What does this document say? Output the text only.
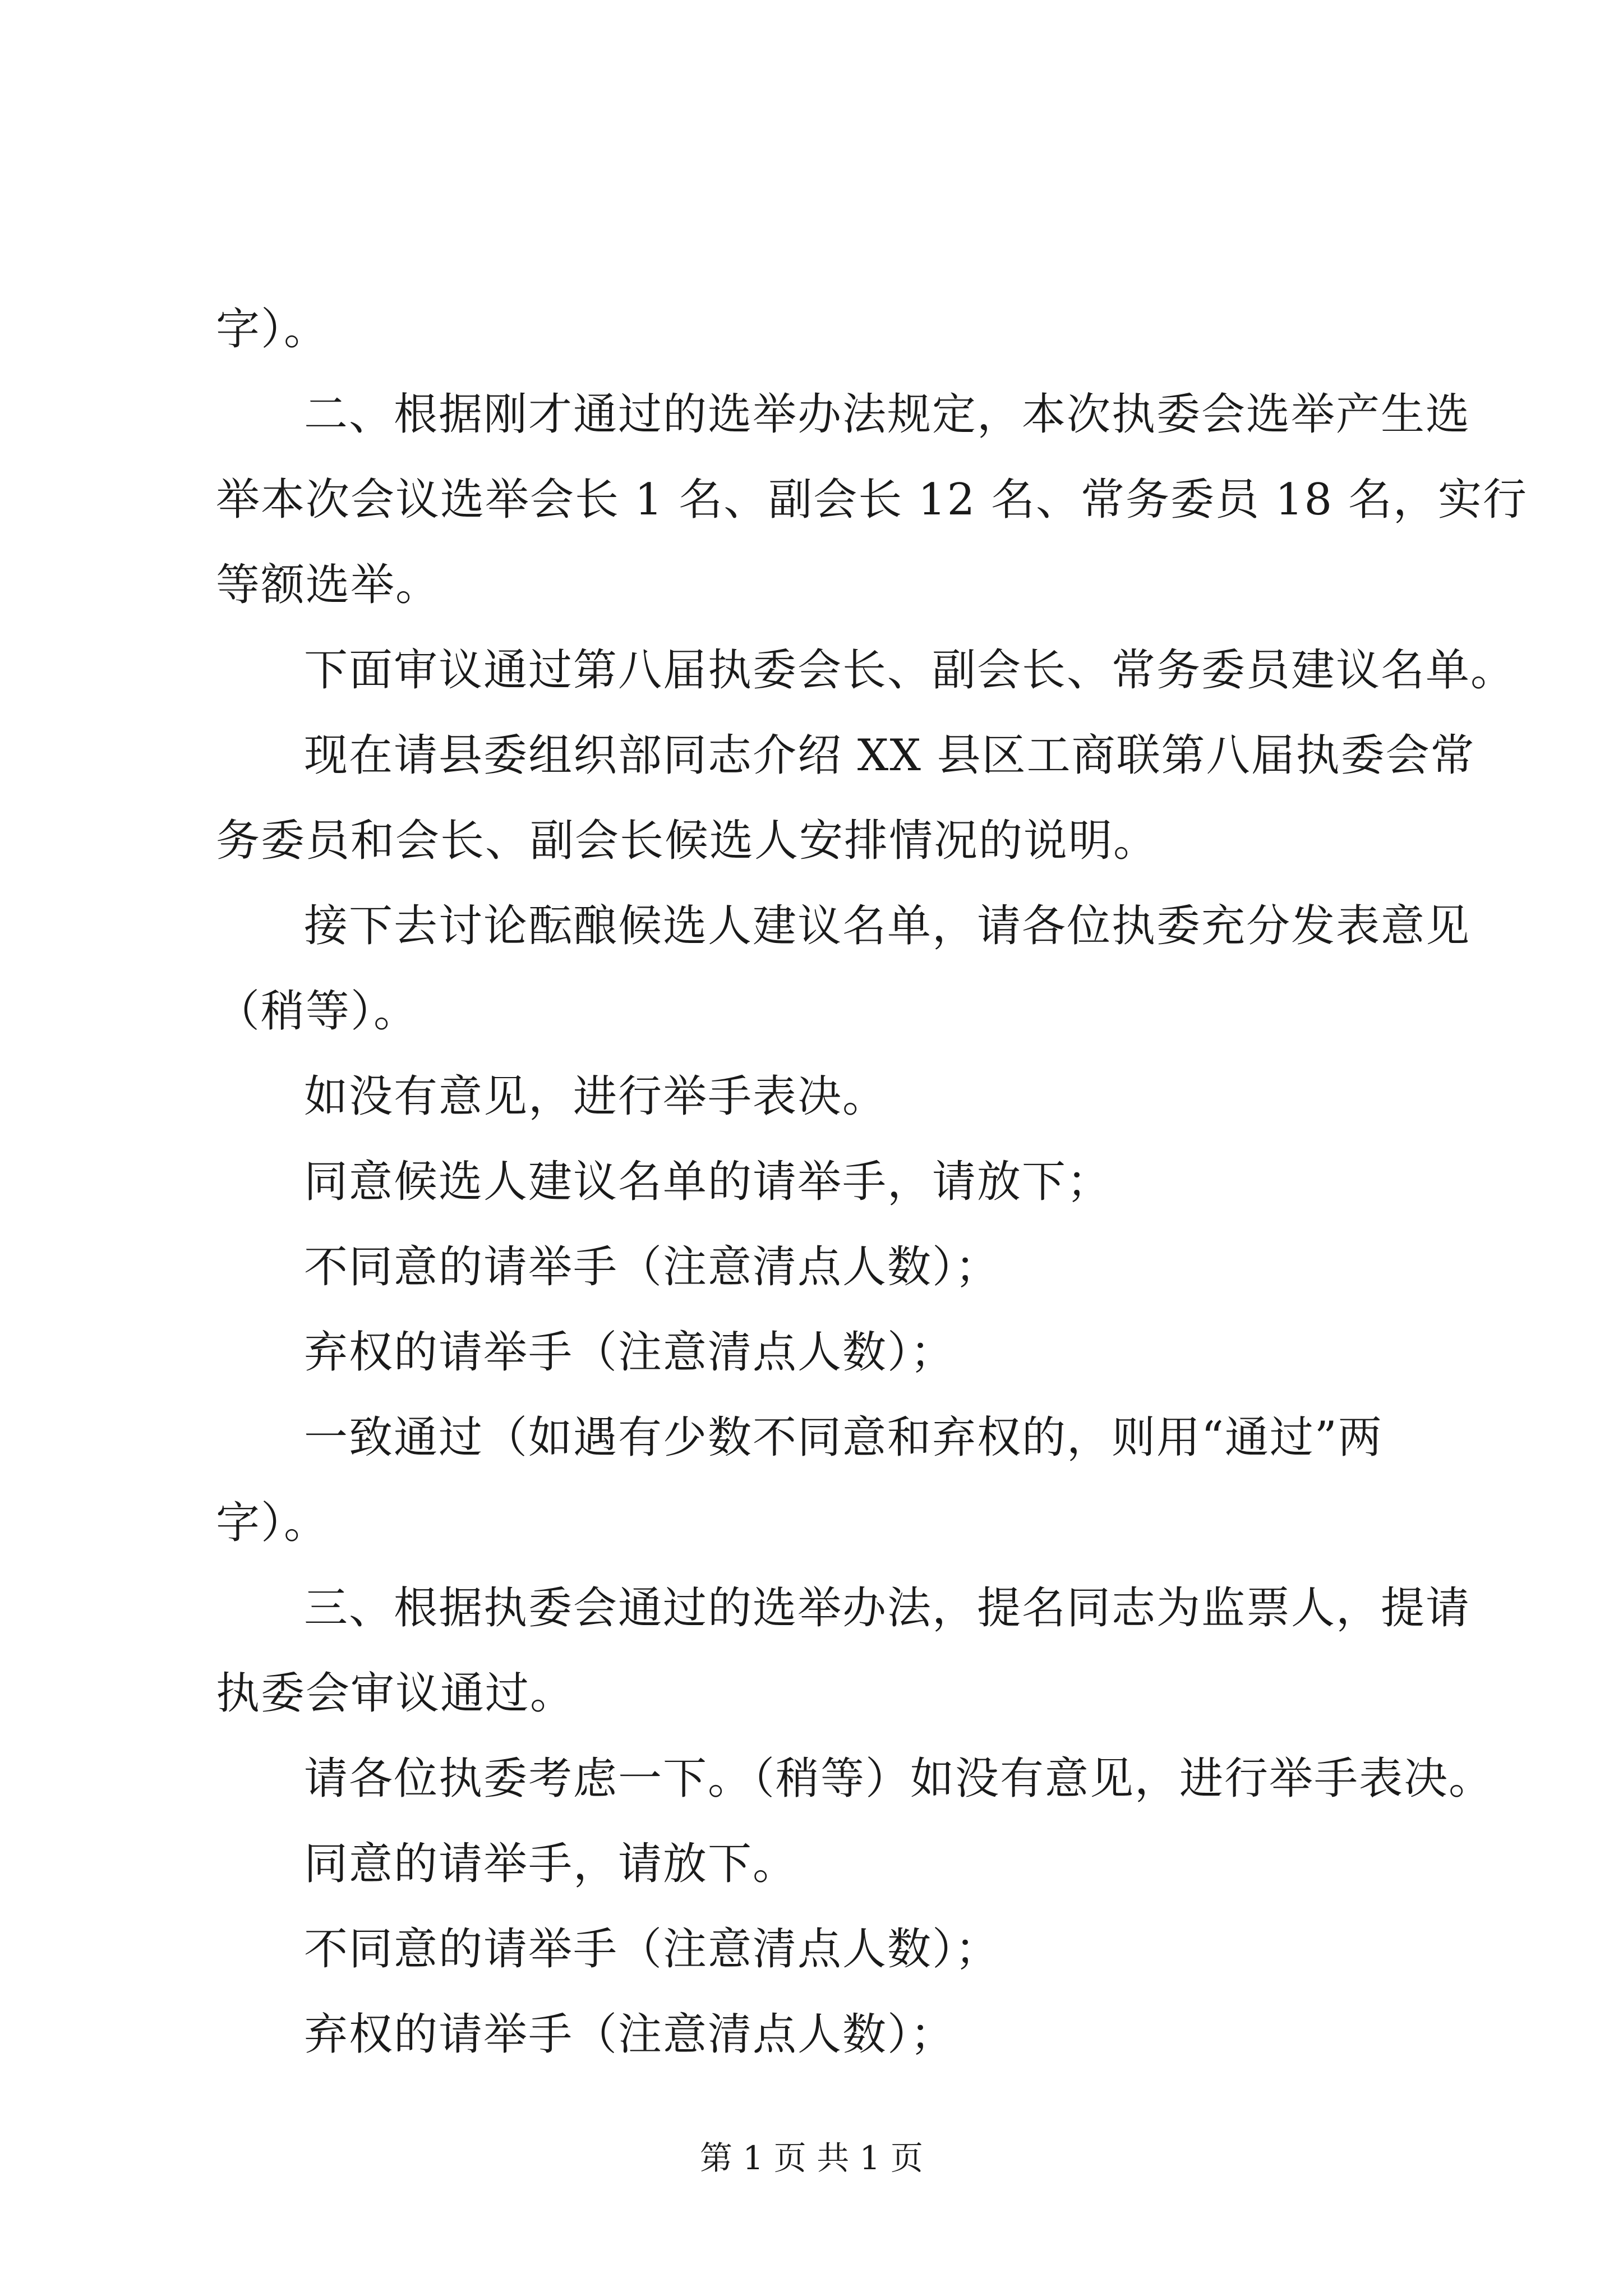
字）。
二、根据刚才通过的选举办法规定，本次执委会选举产生选
举本次会议选举会长 1 名、副会长 12 名、常务委员 18 名，实行
等额选举。
下面审议通过第八届执委会长、副会长、常务委员建议名单。
现在请县委组织部同志介绍 XX 县区工商联第八届执委会常
务委员和会长、副会长候选人安排情况的说明。
接下去讨论酝酿候选人建议名单，请各位执委充分发表意见
（稍等）。
如没有意见，进行举手表决。
同意候选人建议名单的请举手，请放下；
不同意的请举手（注意清点人数）；
弃权的请举手（注意清点人数）；
一致通过（如遇有少数不同意和弃权的，则用“通过”两
字）。
三、根据执委会通过的选举办法，提名同志为监票人，提请
执委会审议通过。
请各位执委考虑一下。（稍等）如没有意见，进行举手表决。
同意的请举手，请放下。
不同意的请举手（注意清点人数）；
弃权的请举手（注意清点人数）；
第 1 页 共 1 页
